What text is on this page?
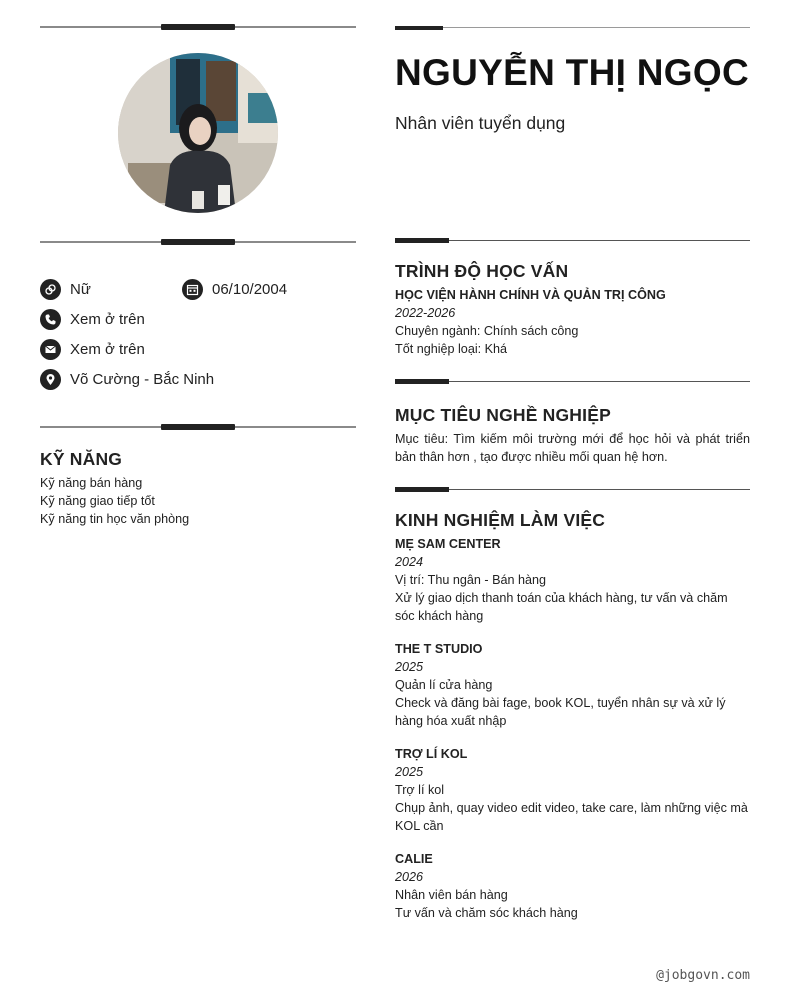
Nữ	06/10/2004
Xem ở trên
Xem ở trên
Võ Cường - Bắc Ninh
KỸ NĂNG
Kỹ năng bán hàng
Kỹ năng giao tiếp tốt
Kỹ năng tin học văn phòng
NGUYỄN THỊ NGỌC
Nhân viên tuyển dụng
TRÌNH ĐỘ HỌC VẤN
HỌC VIỆN HÀNH CHÍNH VÀ QUẢN TRỊ CÔNG
2022-2026
Chuyên ngành: Chính sách công
Tốt nghiệp loại: Khá
MỤC TIÊU NGHỀ NGHIỆP
Mục tiêu: Tìm kiếm môi trường mới để học hỏi và phát triển bản thân hơn , tạo được nhiều mối quan hệ hơn.
KINH NGHIỆM LÀM VIỆC
MẸ SAM CENTER
2024
Vị trí: Thu ngân - Bán hàng
Xử lý giao dịch thanh toán của khách hàng, tư vấn và chăm sóc khách hàng
THE T STUDIO
2025
Quản lí cửa hàng
Check và đăng bài fage, book KOL, tuyển nhân sự và xử lý hàng hóa xuất nhập
TRỢ LÍ KOL
2025
Trợ lí kol
Chụp ảnh, quay video edit video, take care, làm những việc mà KOL cần
CALIE
2026
Nhân viên bán hàng
Tư vấn và chăm sóc khách hàng
@jobgovn.com
